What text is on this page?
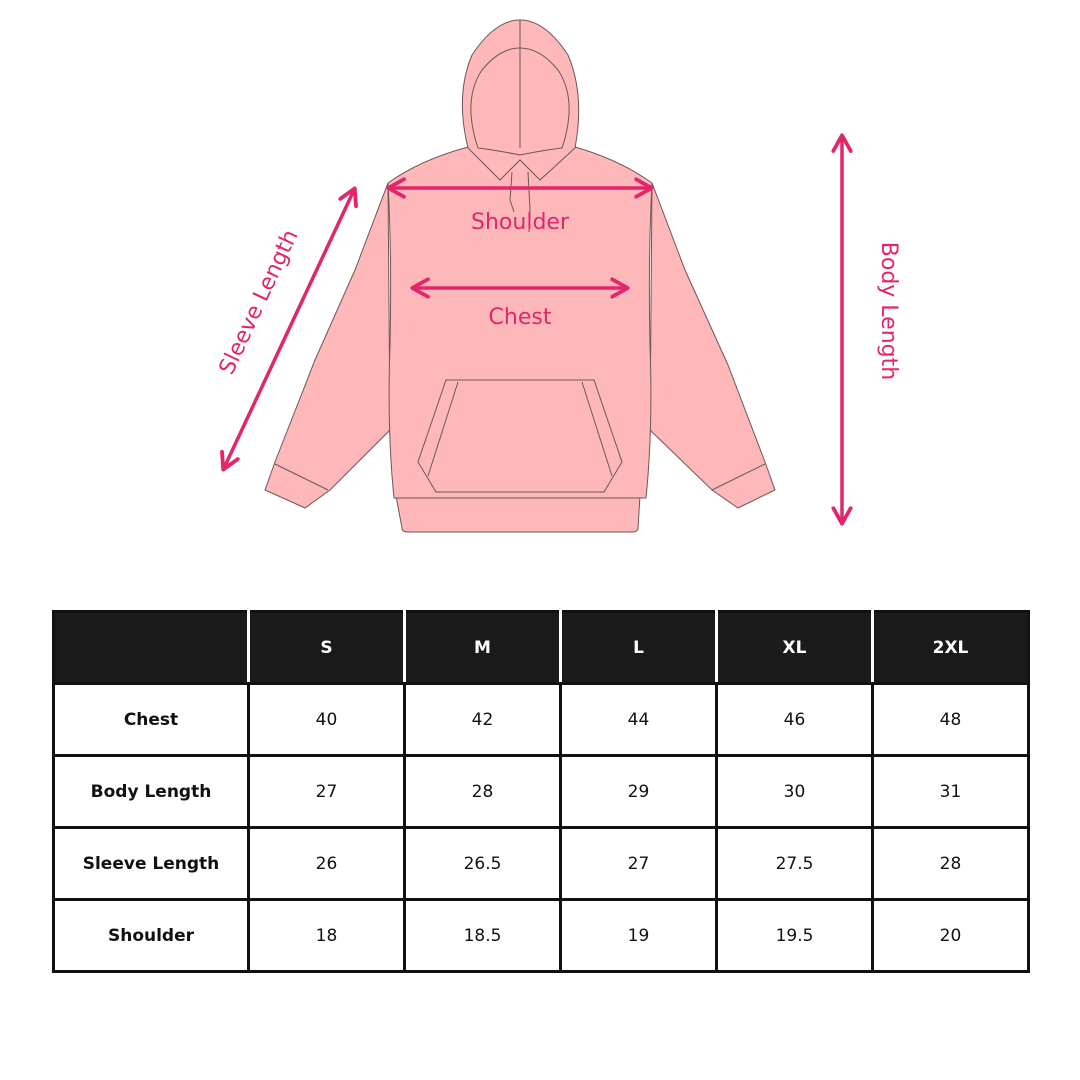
Shoulder
Chest
Sleeve Length	Body Length
	S	M	L	XL	2XL
Chest	40	42	44	46	48
Body Length	27	28	29	30	31
Sleeve Length	26	26.5	27	27.5	28
Shoulder	18	18.5	19	19.5	20
